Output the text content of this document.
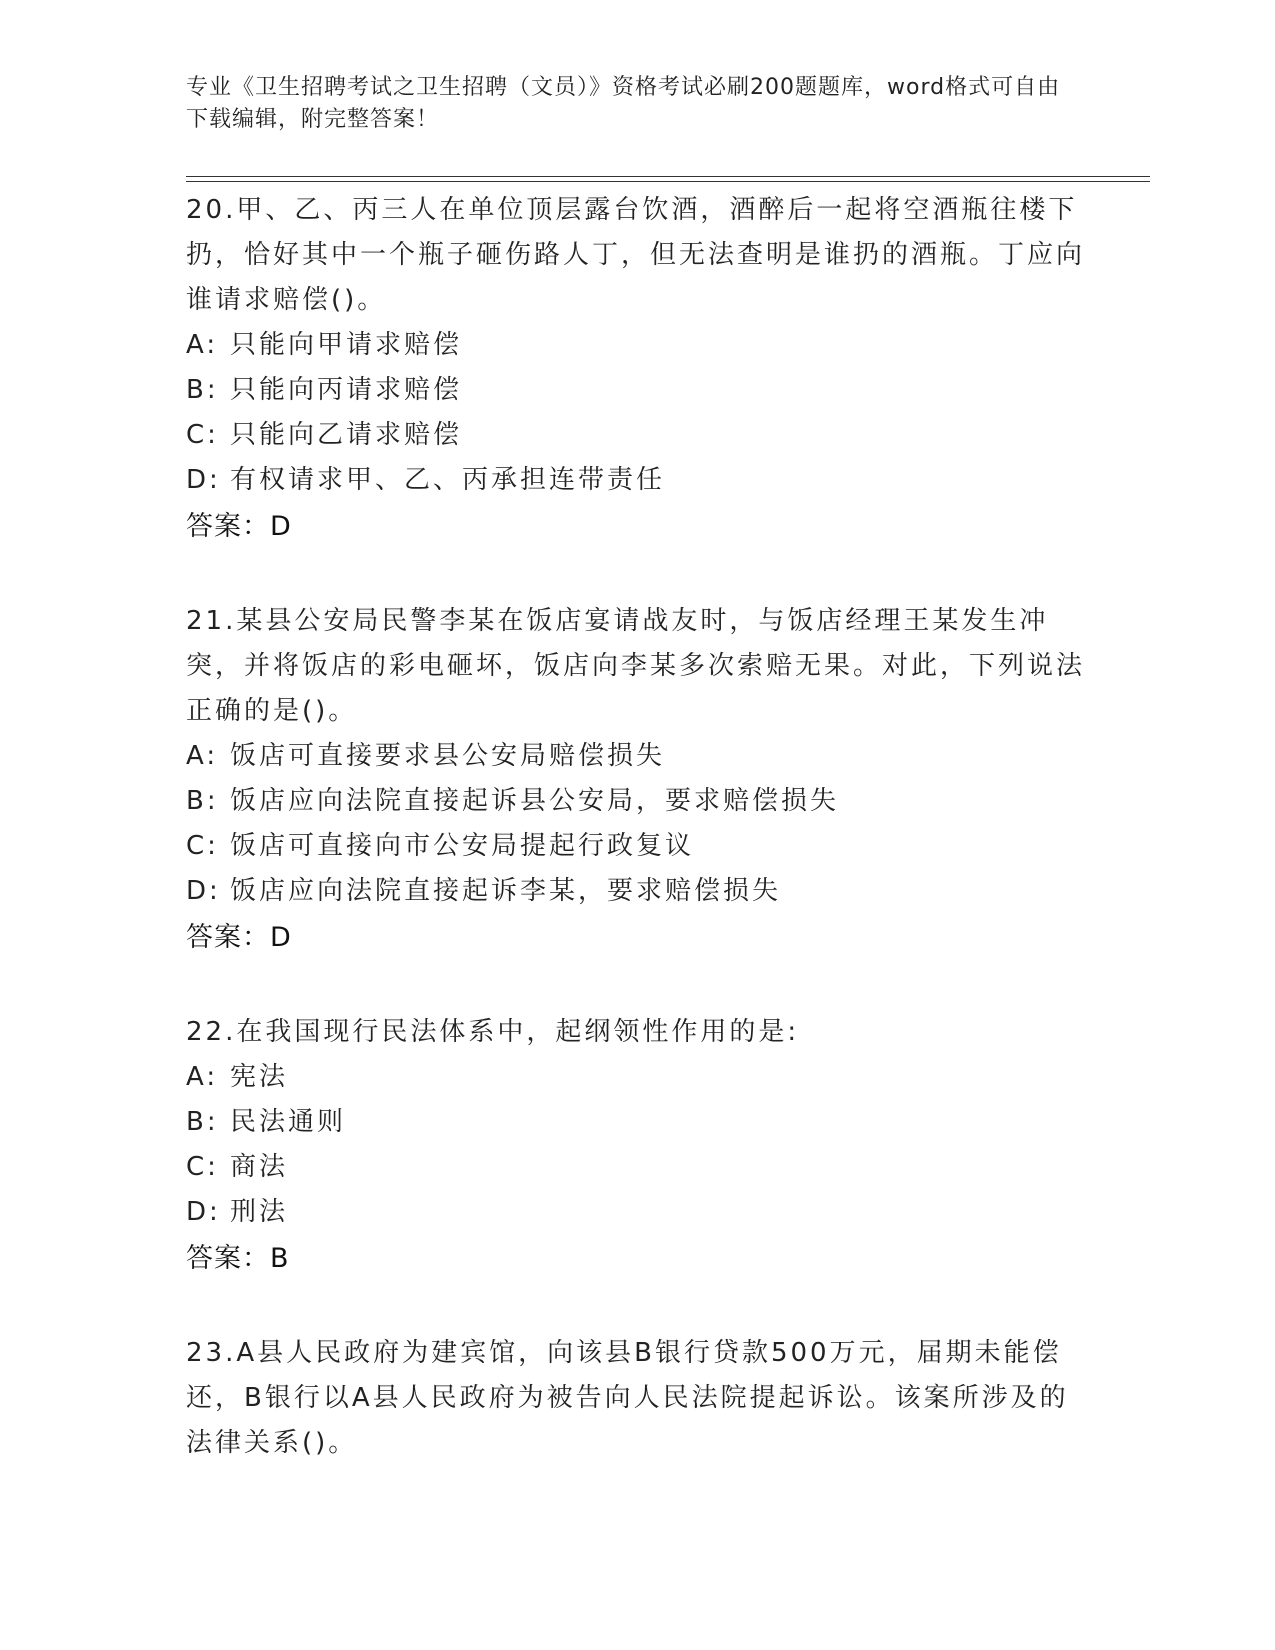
专业《卫生招聘考试之卫生招聘（文员）》资格考试必刷200题题库，word格式可自由下载编辑，附完整答案！
20.甲、乙、丙三人在单位顶层露台饮酒，酒醉后一起将空酒瓶往楼下扔，恰好其中一个瓶子砸伤路人丁，但无法查明是谁扔的酒瓶。丁应向谁请求赔偿()。
A: 只能向甲请求赔偿
B: 只能向丙请求赔偿
C: 只能向乙请求赔偿
D: 有权请求甲、乙、丙承担连带责任
答案：D
21.某县公安局民警李某在饭店宴请战友时，与饭店经理王某发生冲突，并将饭店的彩电砸坏，饭店向李某多次索赔无果。对此，下列说法正确的是()。
A: 饭店可直接要求县公安局赔偿损失
B: 饭店应向法院直接起诉县公安局，要求赔偿损失
C: 饭店可直接向市公安局提起行政复议
D: 饭店应向法院直接起诉李某，要求赔偿损失
答案：D
22.在我国现行民法体系中，起纲领性作用的是:
A: 宪法
B: 民法通则
C: 商法
D: 刑法
答案：B
23.A县人民政府为建宾馆，向该县B银行贷款500万元，届期未能偿还，B银行以A县人民政府为被告向人民法院提起诉讼。该案所涉及的法律关系()。
